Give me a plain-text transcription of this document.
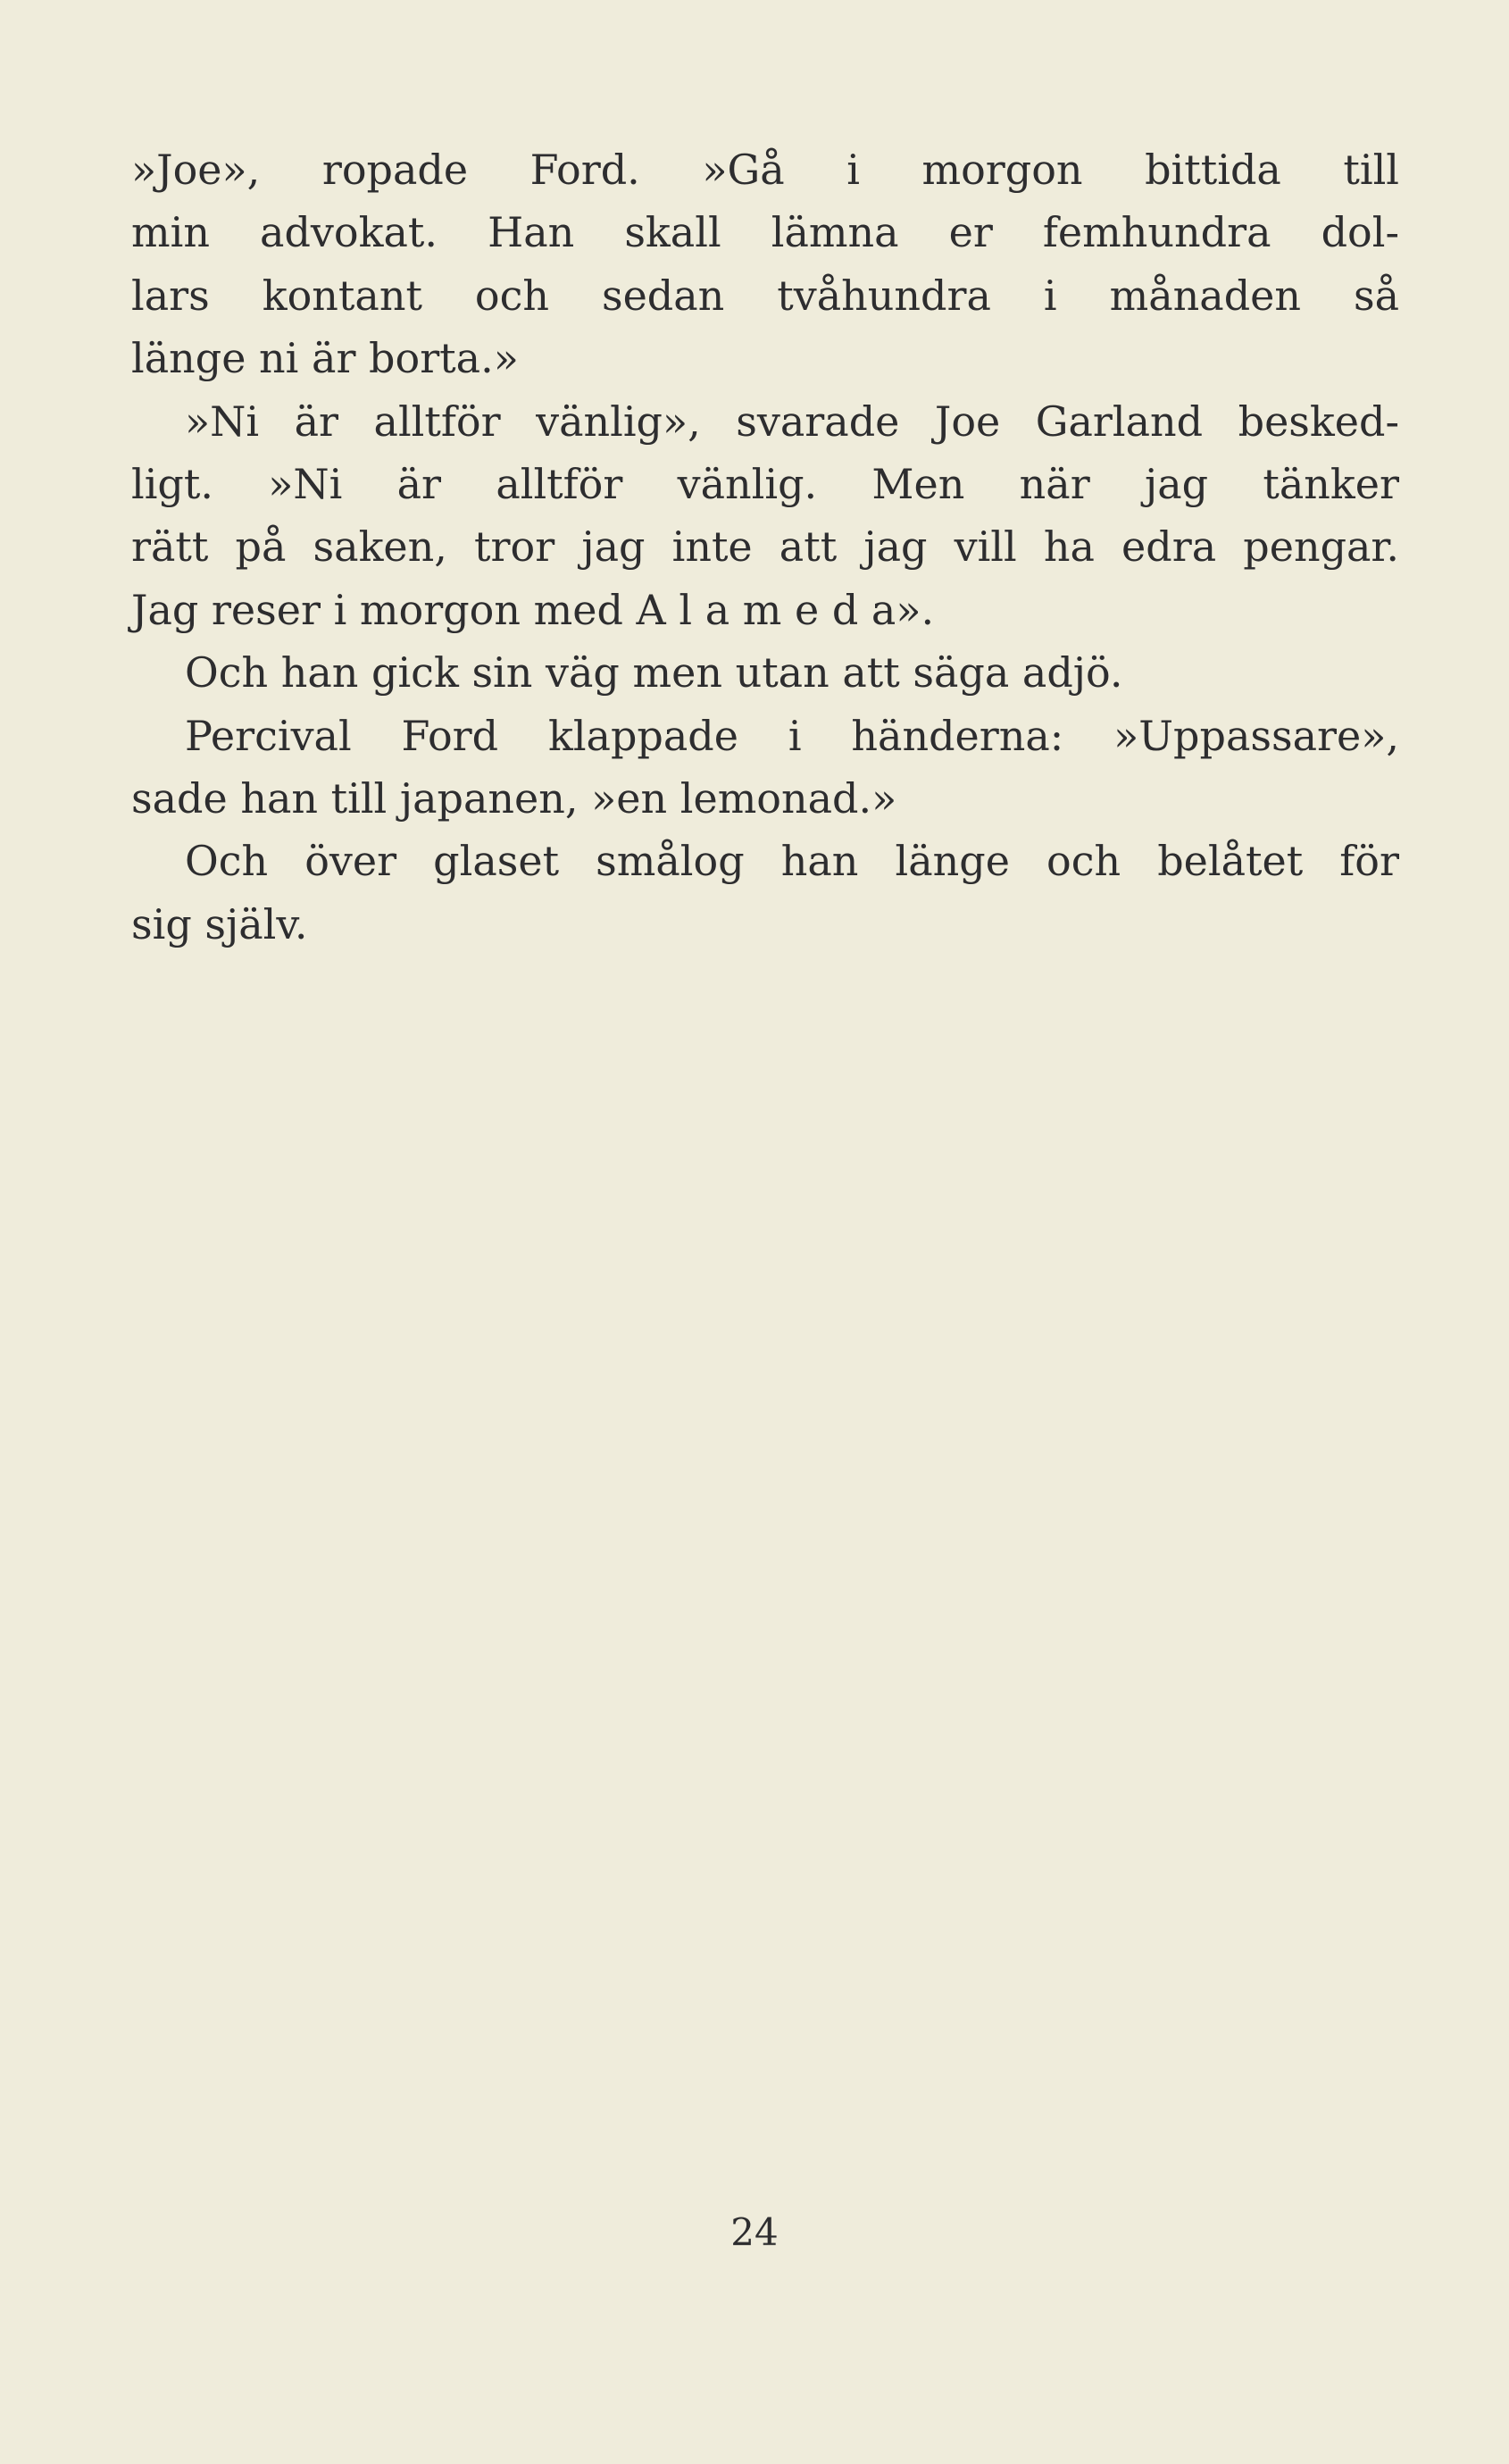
»Joe», ropade Ford. »Gå i morgon bittida till
min advokat. Han skall lämna er femhundra dol-
lars kontant och sedan tvåhundra i månaden så
länge ni är borta.»
»Ni är alltför vänlig», svarade Joe Garland besked-
ligt. »Ni är alltför vänlig. Men när jag tänker
rätt på saken, tror jag inte att jag vill ha edra pengar.
Jag reser i morgon med A l a m e d a».
Och han gick sin väg men utan att säga adjö.
Percival Ford klappade i händerna: »Uppassare»,
sade han till japanen, »en lemonad.»
Och över glaset smålog han länge och belåtet för
sig själv.
24
